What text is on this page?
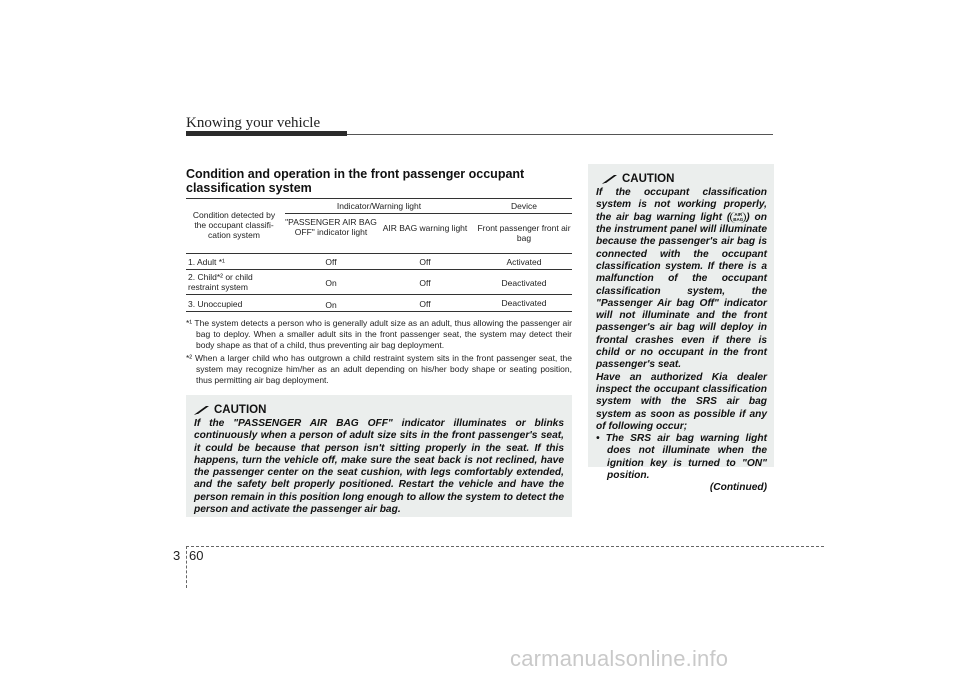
Knowing your vehicle
Condition and operation in the front passenger occupant classification system
Condition detected by the occupant classifi-cation system
Indicator/Warning light	Device
"PASSENGER AIR BAG OFF" indicator light	AIR BAG warning light	Front passenger front air bag
1. Adult *¹	Off	Off	Activated
2. Child*² or child restraint system	On	Off	Deactivated
3. Unoccupied	On	Off	Deactivated

*¹ The system detects a person who is generally adult size as an adult, thus allowing the passenger air bag to deploy. When a smaller adult sits in the front passenger seat, the system may detect their body shape as that of a child, thus preventing air bag deployment.

*² When a larger child who has outgrown a child restraint system sits in the front passenger seat, the system may recognize him/her as an adult depending on his/her body shape or seating position, thus permitting air bag deployment.

CAUTION
If the "PASSENGER AIR BAG OFF" indicator illuminates or blinks continuously when a person of adult size sits in the front passenger's seat, it could be because that person isn't sitting properly in the seat. If this happens, turn the vehicle off, make sure the seat back is not reclined, have the passenger center on the seat cushion, with legs comfortably extended, and the safety belt properly positioned. Restart the vehicle and have the person remain in this position long enough to allow the system to detect the person and activate the passenger air bag.
CAUTION
If the occupant classification system is not working properly, the air bag warning light ( AIR
BAG ) on the instrument panel will illuminate because the passenger's air bag is connected with the occupant classification system. If there is a malfunction of the occupant classification system, the "Passenger Air bag Off" indicator will not illuminate and the front passenger's air bag will deploy in frontal crashes even if there is child or no occupant in the front passenger's seat.
Have an authorized Kia dealer inspect the occupant classification system with the SRS air bag system as soon as possible if any of following occur;
• The SRS air bag warning light does not illuminate when the ignition key is turned to "ON" position.
(Continued)
3 60
carmanualsonline.info
